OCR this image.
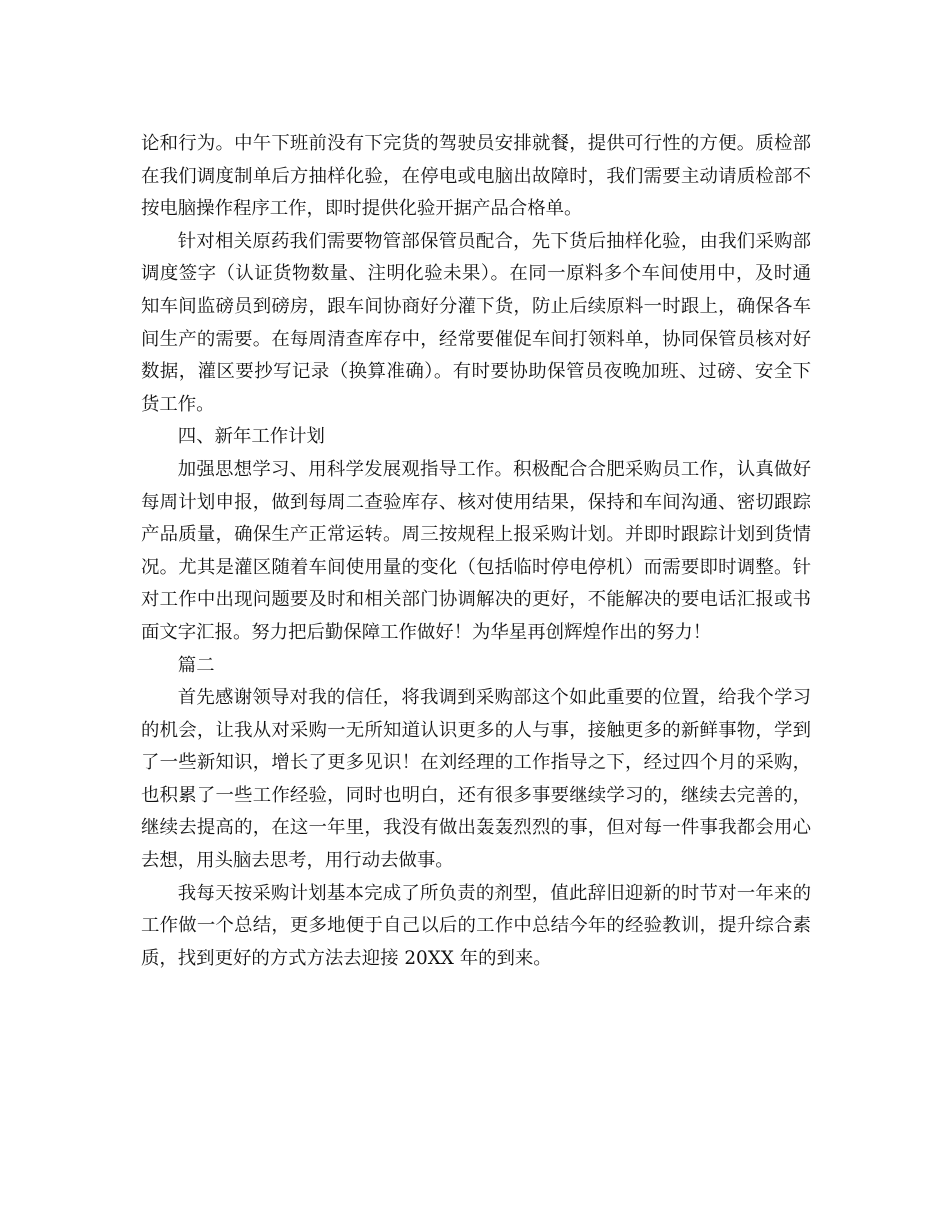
论和行为。中午下班前没有下完货的驾驶员安排就餐，提供可行性的方便。质检部在我们调度制单后方抽样化验，在停电或电脑出故障时，我们需要主动请质检部不按电脑操作程序工作，即时提供化验开据产品合格单。

针对相关原药我们需要物管部保管员配合，先下货后抽样化验，由我们采购部调度签字（认证货物数量、注明化验未果）。在同一原料多个车间使用中，及时通知车间监磅员到磅房，跟车间协商好分灌下货，防止后续原料一时跟上，确保各车间生产的需要。在每周清查库存中，经常要催促车间打领料单，协同保管员核对好数据，灌区要抄写记录（换算准确）。有时要协助保管员夜晚加班、过磅、安全下货工作。

四、新年工作计划

加强思想学习、用科学发展观指导工作。积极配合合肥采购员工作，认真做好每周计划申报，做到每周二查验库存、核对使用结果，保持和车间沟通、密切跟踪产品质量，确保生产正常运转。周三按规程上报采购计划。并即时跟踪计划到货情况。尤其是灌区随着车间使用量的变化（包括临时停电停机）而需要即时调整。针对工作中出现问题要及时和相关部门协调解决的更好，不能解决的要电话汇报或书面文字汇报。努力把后勤保障工作做好！为华星再创辉煌作出的努力！

篇二

首先感谢领导对我的信任，将我调到采购部这个如此重要的位置，给我个学习的机会，让我从对采购一无所知道认识更多的人与事，接触更多的新鲜事物，学到了一些新知识，增长了更多见识！在刘经理的工作指导之下，经过四个月的采购，也积累了一些工作经验，同时也明白，还有很多事要继续学习的，继续去完善的，继续去提高的，在这一年里，我没有做出轰轰烈烈的事，但对每一件事我都会用心去想，用头脑去思考，用行动去做事。

我每天按采购计划基本完成了所负责的剂型，值此辞旧迎新的时节对一年来的工作做一个总结，更多地便于自己以后的工作中总结今年的经验教训，提升综合素质，找到更好的方式方法去迎接 20XX 年的到来。
